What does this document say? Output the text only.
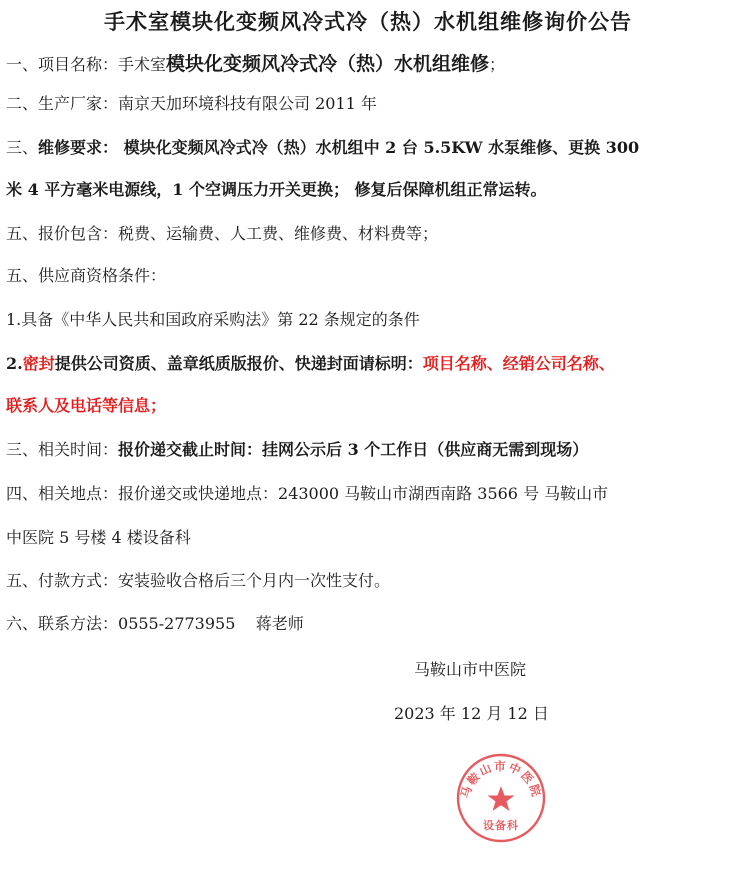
手术室模块化变频风冷式冷（热）水机组维修询价公告
一、项目名称：手术室模块化变频风冷式冷（热）水机组维修；
二、生产厂家：南京天加环境科技有限公司 2011 年
三、维修要求： 模块化变频风冷式冷（热）水机组中 2 台 5.5KW 水泵维修、更换 300
米 4 平方毫米电源线，1 个空调压力开关更换； 修复后保障机组正常运转。
五、报价包含：税费、运输费、人工费、维修费、材料费等；
五、供应商资格条件：
1.具备《中华人民共和国政府采购法》第 22 条规定的条件
2.密封提供公司资质、盖章纸质版报价、快递封面请标明：项目名称、经销公司名称、
联系人及电话等信息；
三、相关时间：报价递交截止时间：挂网公示后 3 个工作日（供应商无需到现场）
四、相关地点：报价递交或快递地点：243000 马鞍山市湖西南路 3566 号 马鞍山市
中医院 5 号楼 4 楼设备科
五、付款方式：安装验收合格后三个月内一次性支付。
六、联系方法：0555-2773955    蒋老师
马鞍山市中医院
2023 年 12 月 12 日
马鞍山市中医院
设备科
